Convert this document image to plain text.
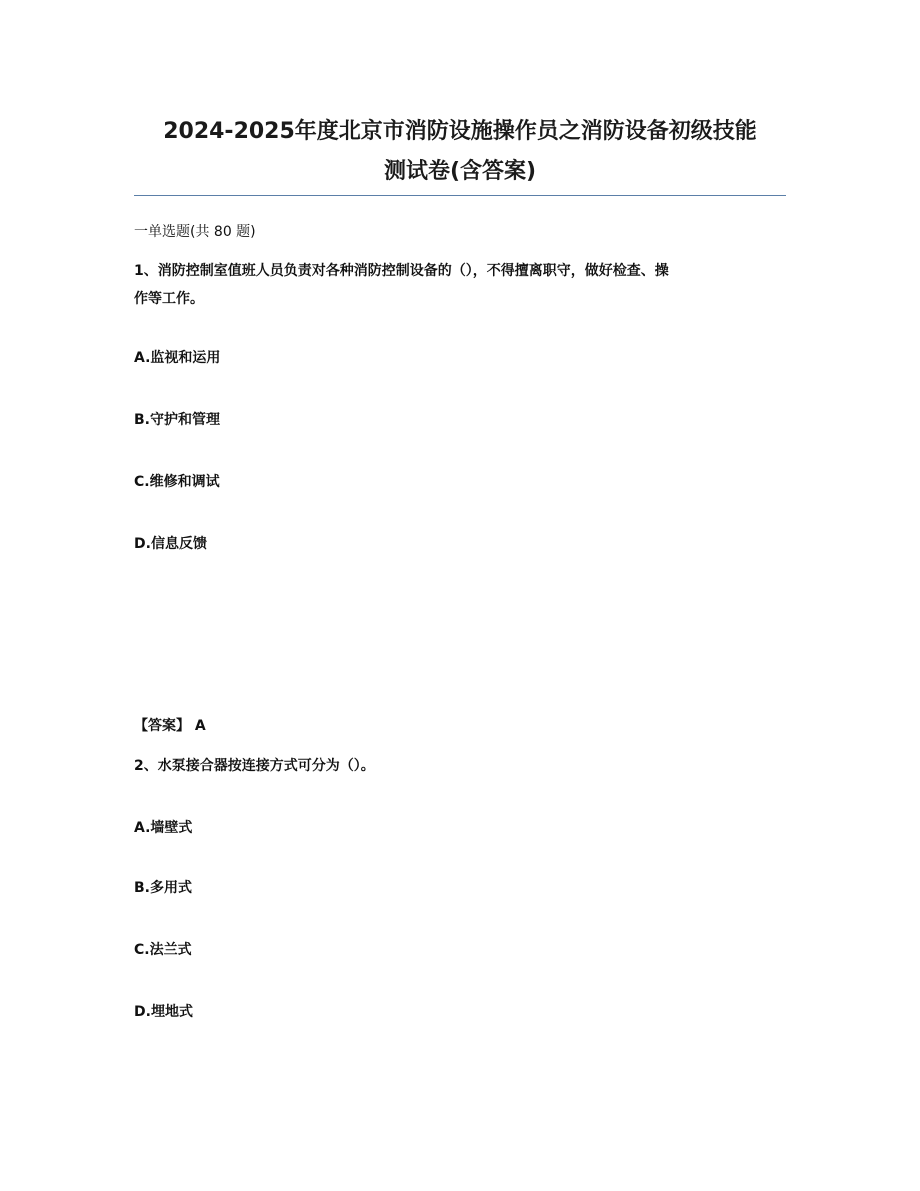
2024-2025年度北京市消防设施操作员之消防设备初级技能
测试卷(含答案)
一单选题(共 80 题)
1、消防控制室值班人员负责对各种消防控制设备的（），不得擅离职守，做好检查、操
作等工作。
A.监视和运用
B.守护和管理
C.维修和调试
D.信息反馈
【答案】 A
2、水泵接合器按连接方式可分为（）。
A.墙壁式
B.多用式
C.法兰式
D.埋地式
